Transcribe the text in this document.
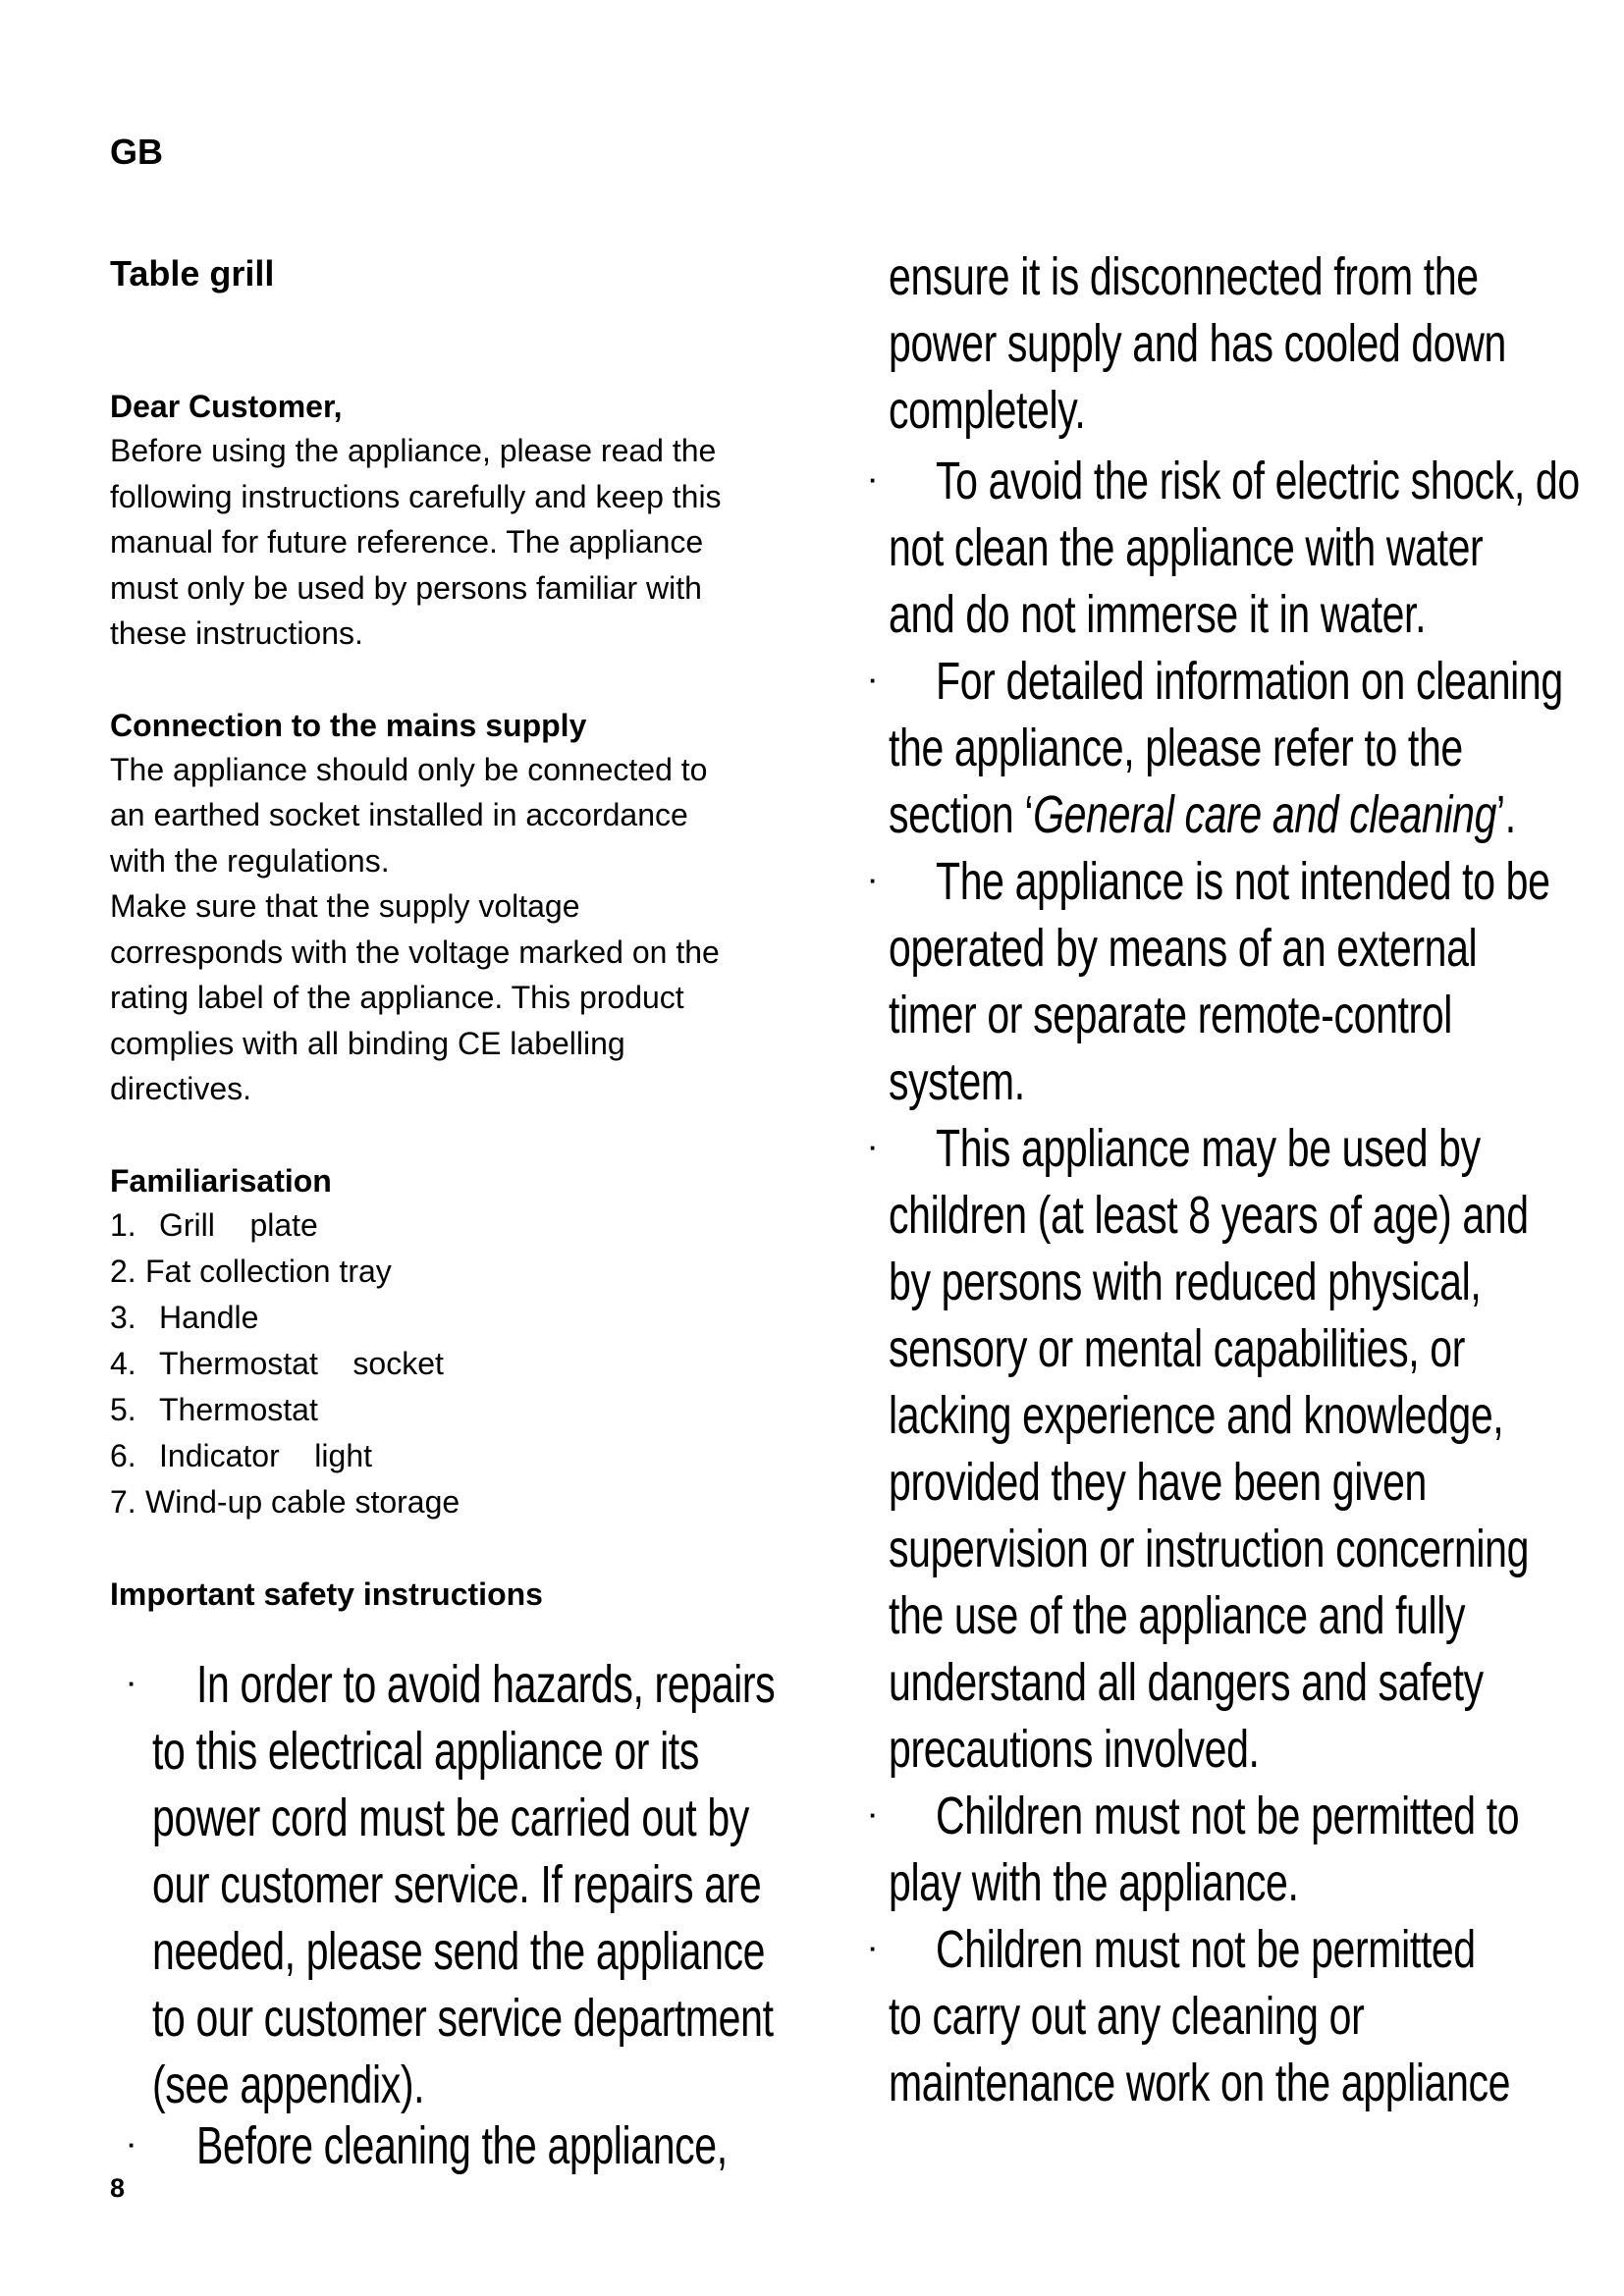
GB
Table grill

Dear Customer,

Before using the appliance, please read the

following instructions carefully and keep this

manual for future reference. The appliance

must only be used by persons familiar with

these instructions.

Connection to the mains supply

The appliance should only be connected to

an earthed socket installed in accordance

with the regulations.

Make sure that the supply voltage

corresponds with the voltage marked on the

rating label of the appliance. This product

complies with all binding CE labelling

directives.

Familiarisation

1. Grill    plate
2. Fat collection tray
3. Handle
4. Thermostat    socket
5. Thermostat
6. Indicator    light
7. Wind-up cable storage

Important safety instructions

· In order to avoid hazards, repairs
to this electrical appliance or its
power cord must be carried out by
our customer service. If repairs are
needed, please send the appliance
to our customer service department
(see appendix).
· Before cleaning the appliance,
ensure it is disconnected from the
power supply and has cooled down
completely.
· To avoid the risk of electric shock, do
not clean the appliance with water
and do not immerse it in water.
· For detailed information on cleaning
the appliance, please refer to the
section ‘General care and cleaning’.
· The appliance is not intended to be
operated by means of an external
timer or separate remote-control
system.
· This appliance may be used by
children (at least 8 years of age) and
by persons with reduced physical,
sensory or mental capabilities, or
lacking experience and knowledge,
provided they have been given
supervision or instruction concerning
the use of the appliance and fully
understand all dangers and safety
precautions involved.
· Children must not be permitted to
play with the appliance.
· Children must not be permitted
to carry out any cleaning or
maintenance work on the appliance
8
